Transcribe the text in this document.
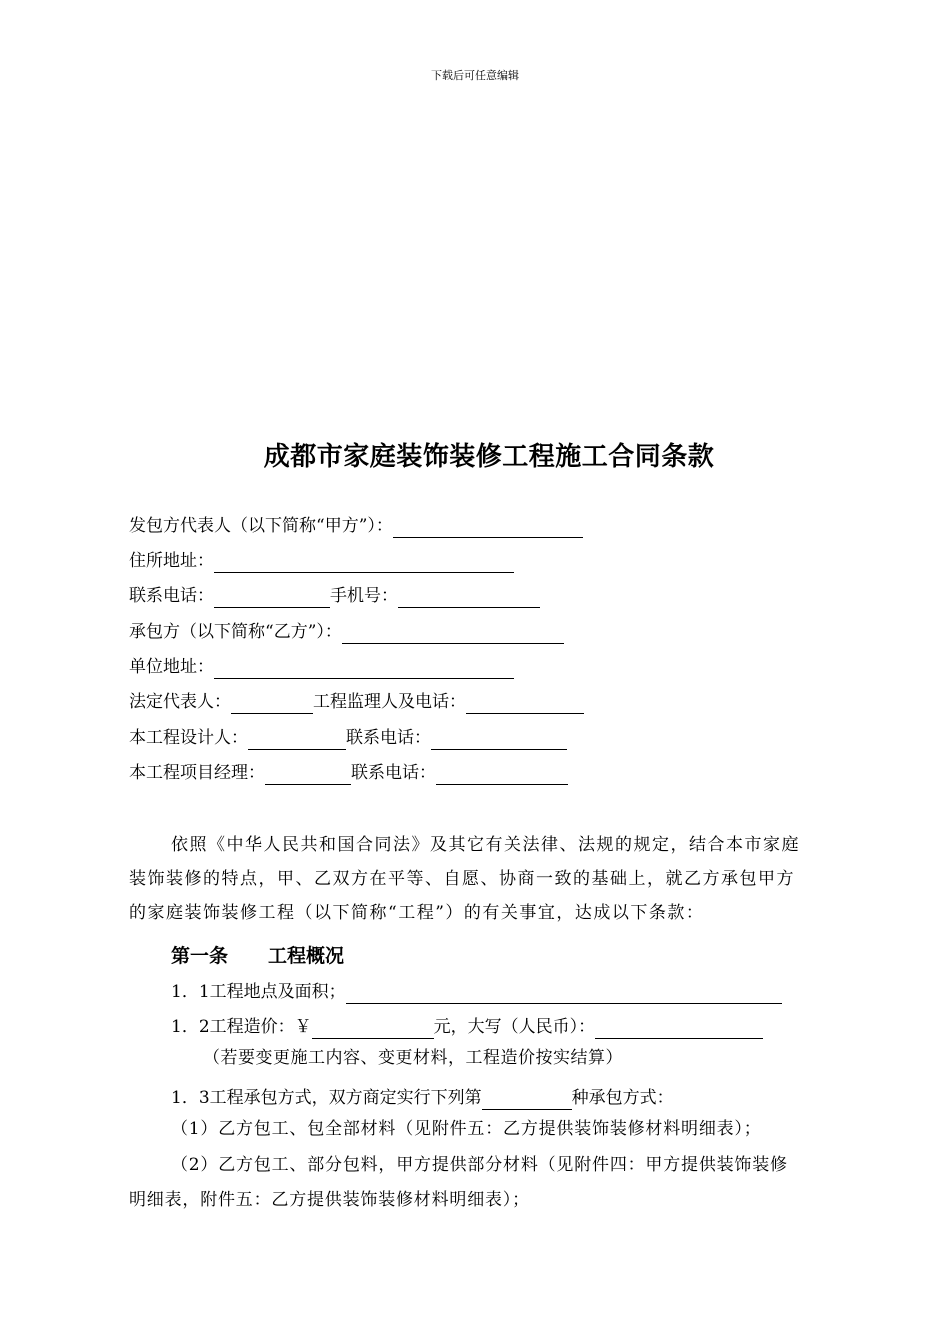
下载后可任意编辑
成都市家庭装饰装修工程施工合同条款
发包方代表人（以下简称“甲方”）：
住所地址：
联系电话：	手机号：
承包方（以下简称“乙方”）：
单位地址：
法定代表人：	工程监理人及电话：
本工程设计人：	联系电话：
本工程项目经理：	联系电话：
依照《中华人民共和国合同法》及其它有关法律、法规的规定，结合本市家庭
装饰装修的特点，甲、乙双方在平等、自愿、协商一致的基础上，就乙方承包甲方
的家庭装饰装修工程（以下简称“工程”）的有关事宜，达成以下条款：
第一条 工程概况
1．1工程地点及面积；
1．2工程造价：￥	元，大写（人民币）：
（若要变更施工内容、变更材料，工程造价按实结算）
1．3工程承包方式，双方商定实行下列第	种承包方式：
（1）乙方包工、包全部材料（见附件五：乙方提供装饰装修材料明细表）；
（2）乙方包工、部分包料，甲方提供部分材料（见附件四：甲方提供装饰装修
明细表，附件五：乙方提供装饰装修材料明细表）；
